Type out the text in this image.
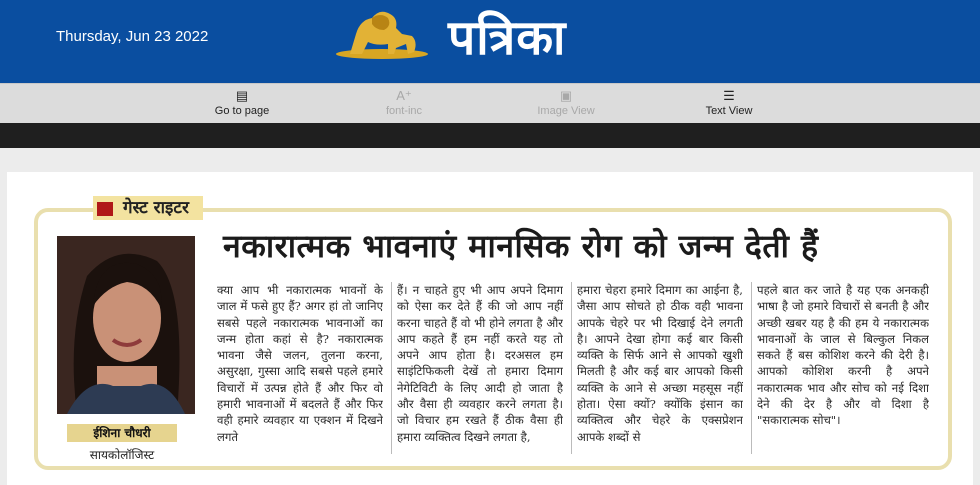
Thursday, Jun 23 2022	पत्रिका
▤
Go to page
A⁺
font-inc
▣
Image View
☰
Text View
गेस्ट राइटर
ईशिना चौधरी
सायकोलॉजिस्ट
नकारात्मक भावनाएं मानसिक रोग को जन्म देती हैं
क्या आप भी नकारात्मक भावनों के जाल में फसे हुए हैं? अगर हां तो जानिए सबसे पहले नकारात्मक भावनाओं का जन्म होता कहां से है? नकारात्मक भावना जैसे जलन, तुलना करना, असुरक्षा, गुस्सा आदि सबसे पहले हमारे विचारों में उत्पन्न होते हैं और फिर वो हमारी भावनाओं में बदलते हैं और फिर वही हमारे व्यवहार या एक्शन में दिखने लगते
हैं। न चाहते हुए भी आप अपने दिमाग को ऐसा कर देते हैं की जो आप नहीं करना चाहते हैं वो भी होने लगता है और आप कहते हैं हम नहीं करते यह तो अपने आप होता है। दरअसल हम साइंटिफिकली देखें तो हमारा दिमाग नेगेटिविटी के लिए आदी हो जाता है और वैसा ही व्यवहार करने लगता है। जो विचार हम रखते हैं ठीक वैसा ही हमारा व्यक्तित्व दिखने लगता है,
हमारा चेहरा हमारे दिमाग का आईना है, जैसा आप सोचते हो ठीक वही भावना आपके चेहरे पर भी दिखाई देने लगती है। आपने देखा होगा कई बार किसी व्यक्ति के सिर्फ आने से आपको खुशी मिलती है और कई बार आपको किसी व्यक्ति के आने से अच्छा महसूस नहीं होता। ऐसा क्यों? क्योंकि इंसान का व्यक्तित्व और चेहरे के एक्सप्रेशन आपके शब्दों से
पहले बात कर जाते है यह एक अनकही भाषा है जो हमारे विचारों से बनती है और अच्छी खबर यह है की हम ये नकारात्मक भावनाओं के जाल से बिल्कुल निकल सकते हैं बस कोशिश करने की देरी है। आपको कोशिश करनी है अपने नकारात्मक भाव और सोच को नई दिशा देने की देर है और वो दिशा है "सकारात्मक सोच"।
